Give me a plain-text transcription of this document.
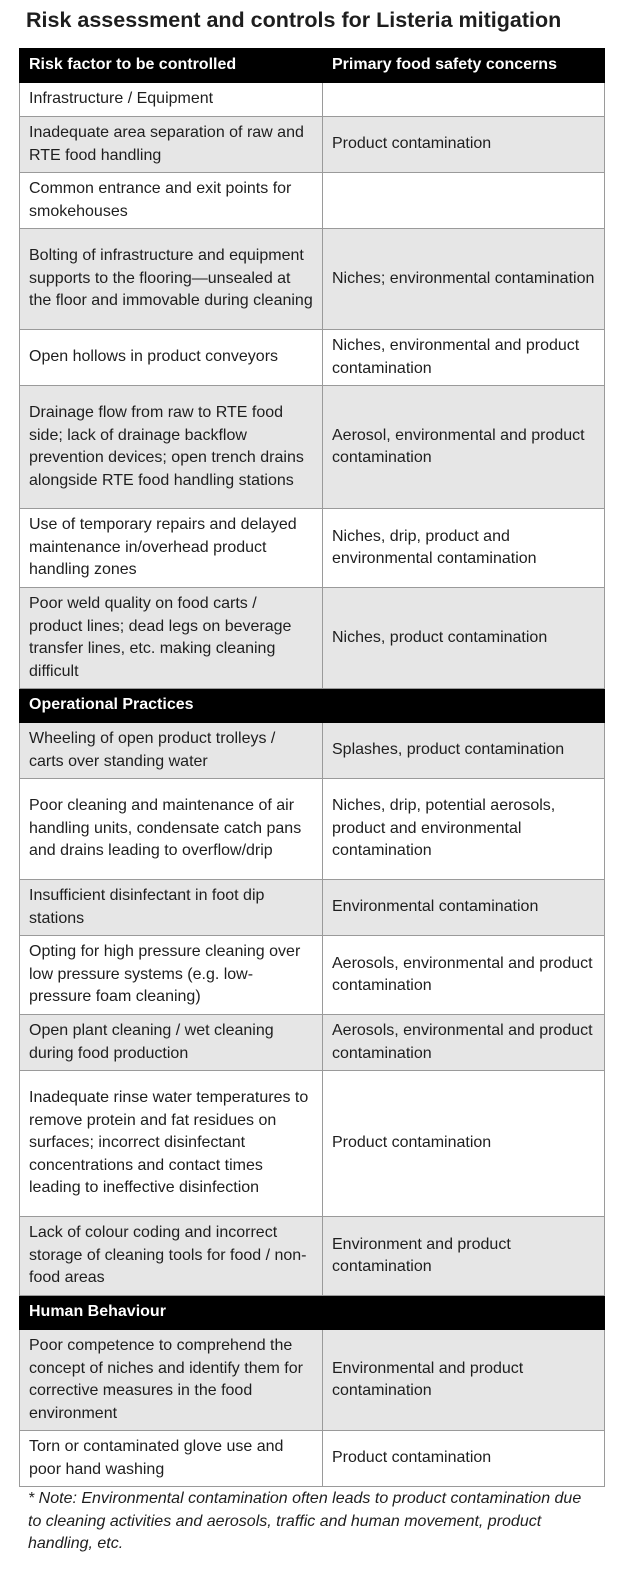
Risk assessment and controls for Listeria mitigation
Risk factor to be controlled	Primary food safety concerns
Infrastructure / Equipment	
Inadequate area separation of raw and RTE food handling	Product contamination
Common entrance and exit points for smokehouses	
Bolting of infrastructure and equipment supports to the flooring—unsealed at the floor and immovable during cleaning	Niches; environmental contamination
Open hollows in product conveyors	Niches, environmental and product contamination
Drainage flow from raw to RTE food side; lack of drainage backflow prevention devices; open trench drains alongside RTE food handling stations	Aerosol, environmental and product contamination
Use of temporary repairs and delayed maintenance in/overhead product handling zones	Niches, drip, product and environmental contamination
Poor weld quality on food carts / product lines; dead legs on beverage transfer lines, etc. making cleaning difficult	Niches, product contamination
Operational Practices	
Wheeling of open product trolleys / carts over standing water	Splashes, product contamination
Poor cleaning and maintenance of air handling units, condensate catch pans and drains leading to overflow/drip	Niches, drip, potential aerosols, product and environmental contamination
Insufficient disinfectant in foot dip stations	Environmental contamination
Opting for high pressure cleaning over low pressure systems (e.g. low-pressure foam cleaning)	Aerosols, environmental and product contamination
Open plant cleaning / wet cleaning during food production	Aerosols, environmental and product contamination
Inadequate rinse water temperatures to remove protein and fat residues on surfaces; incorrect disinfectant concentrations and contact times leading to ineffective disinfection	Product contamination
Lack of colour coding and incorrect storage of cleaning tools for food / non-food areas	Environment and product contamination
Human Behaviour	
Poor competence to comprehend the concept of niches and identify them for corrective measures in the food environment	Environmental and product contamination
Torn or contaminated glove use and poor hand washing	Product contamination

* Note: Environmental contamination often leads to product contamination due to cleaning activities and aerosols, traffic and human movement, product handling, etc.
